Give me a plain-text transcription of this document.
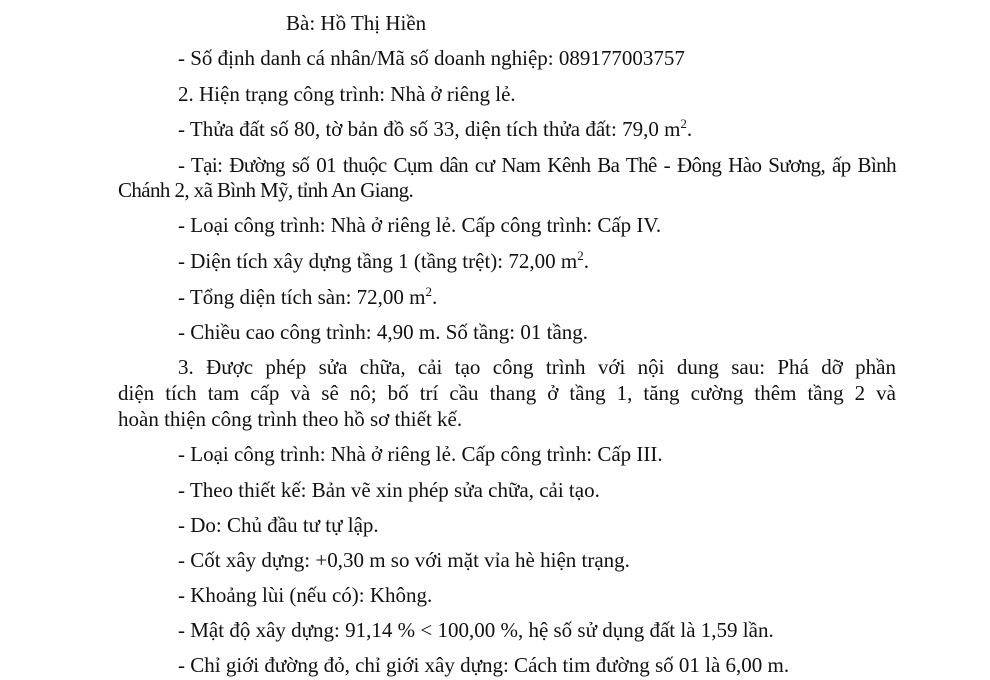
Bà: Hồ Thị Hiền
- Số định danh cá nhân/Mã số doanh nghiệp: 089177003757
2. Hiện trạng công trình: Nhà ở riêng lẻ.
- Thửa đất số 80, tờ bản đồ số 33, diện tích thửa đất: 79,0 $m^2$.
- Tại: Đường số 01 thuộc Cụm dân cư Nam Kênh Ba Thê - Đông Hào Sương, ấp Bình
Chánh 2, xã Bình Mỹ, tỉnh An Giang.
- Loại công trình: Nhà ở riêng lẻ. Cấp công trình: Cấp IV.
- Diện tích xây dựng tầng 1 (tầng trệt): 72,00 $m^2$.
- Tổng diện tích sàn: 72,00 $m^2$.
- Chiều cao công trình: 4,90 m. Số tầng: 01 tầng.
3. Được phép sửa chữa, cải tạo công trình với nội dung sau: Phá dỡ phần
diện tích tam cấp và sê nô; bố trí cầu thang ở tầng 1, tăng cường thêm tầng 2 và
hoàn thiện công trình theo hồ sơ thiết kế.
- Loại công trình: Nhà ở riêng lẻ. Cấp công trình: Cấp III.
- Theo thiết kế: Bản vẽ xin phép sửa chữa, cải tạo.
- Do: Chủ đầu tư tự lập.
- Cốt xây dựng: +0,30 m so với mặt vỉa hè hiện trạng.
- Khoảng lùi (nếu có): Không.
- Mật độ xây dựng: 91,14 % < 100,00 %, hệ số sử dụng đất là 1,59 lần.
- Chỉ giới đường đỏ, chỉ giới xây dựng: Cách tim đường số 01 là 6,00 m.
